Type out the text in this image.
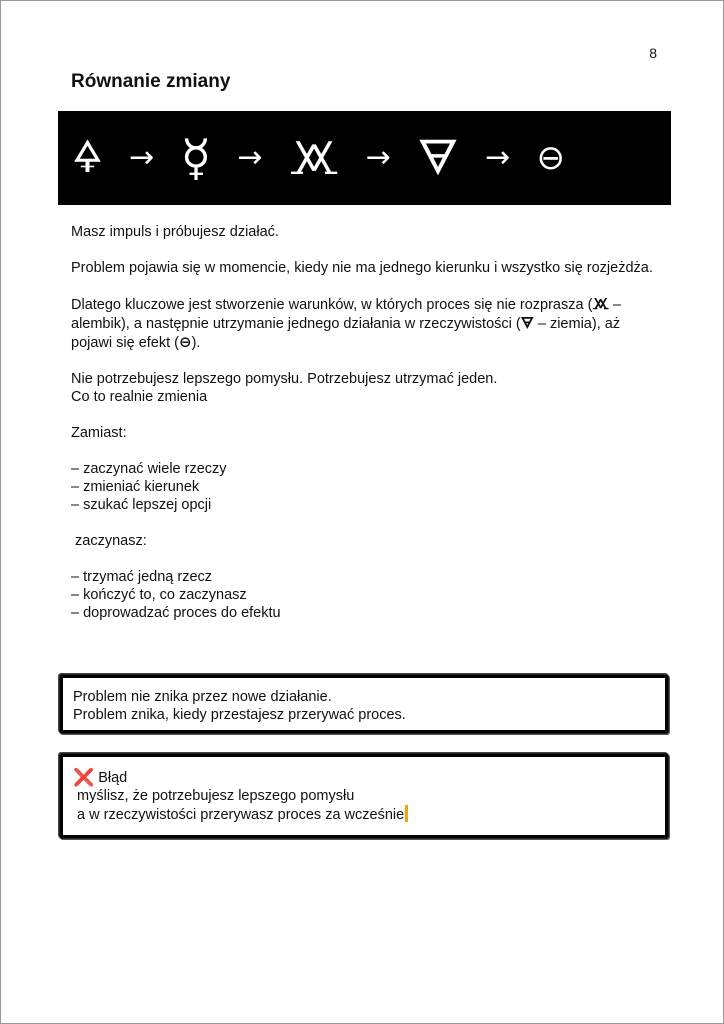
8
Równanie zmiany
🜍 → ☿ → 🝪 → 🜃 → ⊖

Masz impuls i próbujesz działać.

Problem pojawia się w momencie, kiedy nie ma jednego kierunku i wszystko się rozjeżdża.

Dlatego kluczowe jest stworzenie warunków, w których proces się nie rozprasza (🝪 – alembik), a następnie utrzymanie jednego działania w rzeczywistości (🜃 – ziemia), aż pojawi się efekt (⊖).

Nie potrzebujesz lepszego pomysłu. Potrzebujesz utrzymać jeden.
Co to realnie zmienia

Zamiast:

– zaczynać wiele rzeczy
– zmieniać kierunek
– szukać lepszej opcji

zaczynasz:

– trzymać jedną rzecz
– kończyć to, co zaczynasz
– doprowadzać proces do efektu

Problem nie znika przez nowe działanie.
Problem znika, kiedy przestajesz przerywać proces.
❌ Błąd
myślisz, że potrzebujesz lepszego pomysłu
a w rzeczywistości przerywasz proces za wcześnie
